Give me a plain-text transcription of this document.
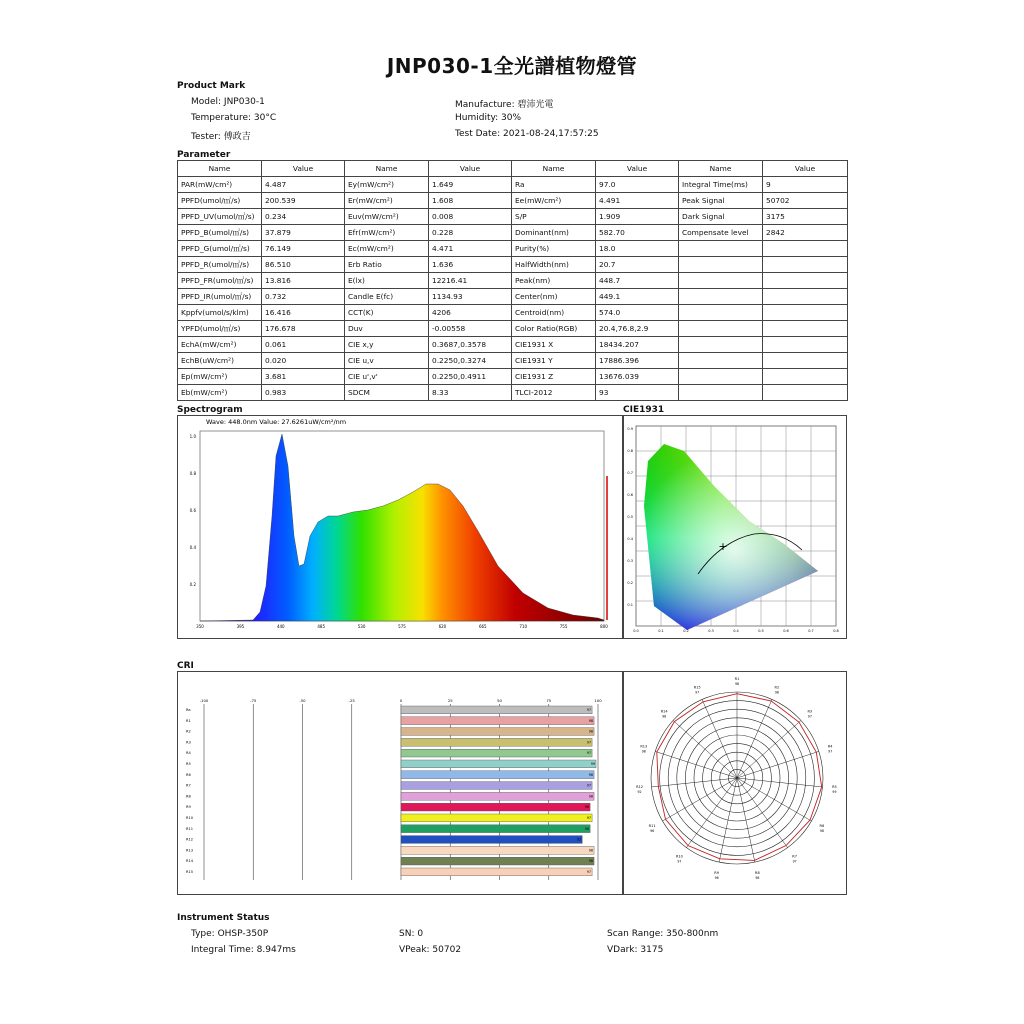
JNP030-1全光譜植物燈管
Product Mark
Model: JNP030-1
Temperature: 30°C
Tester: 傅政吉
Manufacture: 碧沛光電
Humidity: 30%
Test Date: 2021-08-24,17:57:25
Parameter
Name	Value	Name	Value	Name	Value	Name	Value
PAR(mW/cm²)	4.487	Ey(mW/cm²)	1.649	Ra	97.0	Integral Time(ms)	9
PPFD(umol/㎡/s)	200.539	Er(mW/cm²)	1.608	Ee(mW/cm²)	4.491	Peak Signal	50702
PPFD_UV(umol/㎡/s)	0.234	Euv(mW/cm²)	0.008	S/P	1.909	Dark Signal	3175
PPFD_B(umol/㎡/s)	37.879	Efr(mW/cm²)	0.228	Dominant(nm)	582.70	Compensate level	2842
PPFD_G(umol/㎡/s)	76.149	Ec(mW/cm²)	4.471	Purity(%)	18.0		
PPFD_R(umol/㎡/s)	86.510	Erb Ratio	1.636	HalfWidth(nm)	20.7		
PPFD_FR(umol/㎡/s)	13.816	E(lx)	12216.41	Peak(nm)	448.7		
PPFD_IR(umol/㎡/s)	0.732	Candle E(fc)	1134.93	Center(nm)	449.1		
Kppfv(umol/s/klm)	16.416	CCT(K)	4206	Centroid(nm)	574.0		
YPFD(umol/㎡/s)	176.678	Duv	-0.00558	Color Ratio(RGB)	20.4,76.8,2.9		
EchA(mW/cm²)	0.061	CIE x,y	0.3687,0.3578	CIE1931 X	18434.207		
EchB(uW/cm²)	0.020	CIE u,v	0.2250,0.3274	CIE1931 Y	17886.396		
Ep(mW/cm²)	3.681	CIE u',v'	0.2250,0.4911	CIE1931 Z	13676.039		
Eb(mW/cm²)	0.983	SDCM	8.33	TLCI-2012	93		
Spectrogram
Wave: 448.0nm Value: 27.6261uW/cm²/nm
1.0
0.8
0.6
0.4
0.2
350	395	440	485	530	575	620	665	710	755	800
CIE1931
+
0.9
0.8
0.7
0.6
0.5
0.4
0.3
0.2
0.1
0.0	0.1	0.2	0.3	0.4	0.5	0.6	0.7	0.8
CRI
-100	-75	-50	-25	0	25	50	75	100
Ra	97
R1	98
R2	98
R3	97
R4	97
R5	99
R6	98
R7	97
R8	98
R9	96
R10	97
R11	96
R12	92
R13	98
R14	98
R15	97
R1
98
R2
98
R3
97
R4
97
R5
99
R6
98
R7
97
R8
98
R9
96
R10
97
R11
96
R12
92
R13
98
R14
98
R15
97
Instrument Status
Type: OHSP-350P
Integral Time: 8.947ms
SN: 0
VPeak: 50702
Scan Range: 350-800nm
VDark: 3175
